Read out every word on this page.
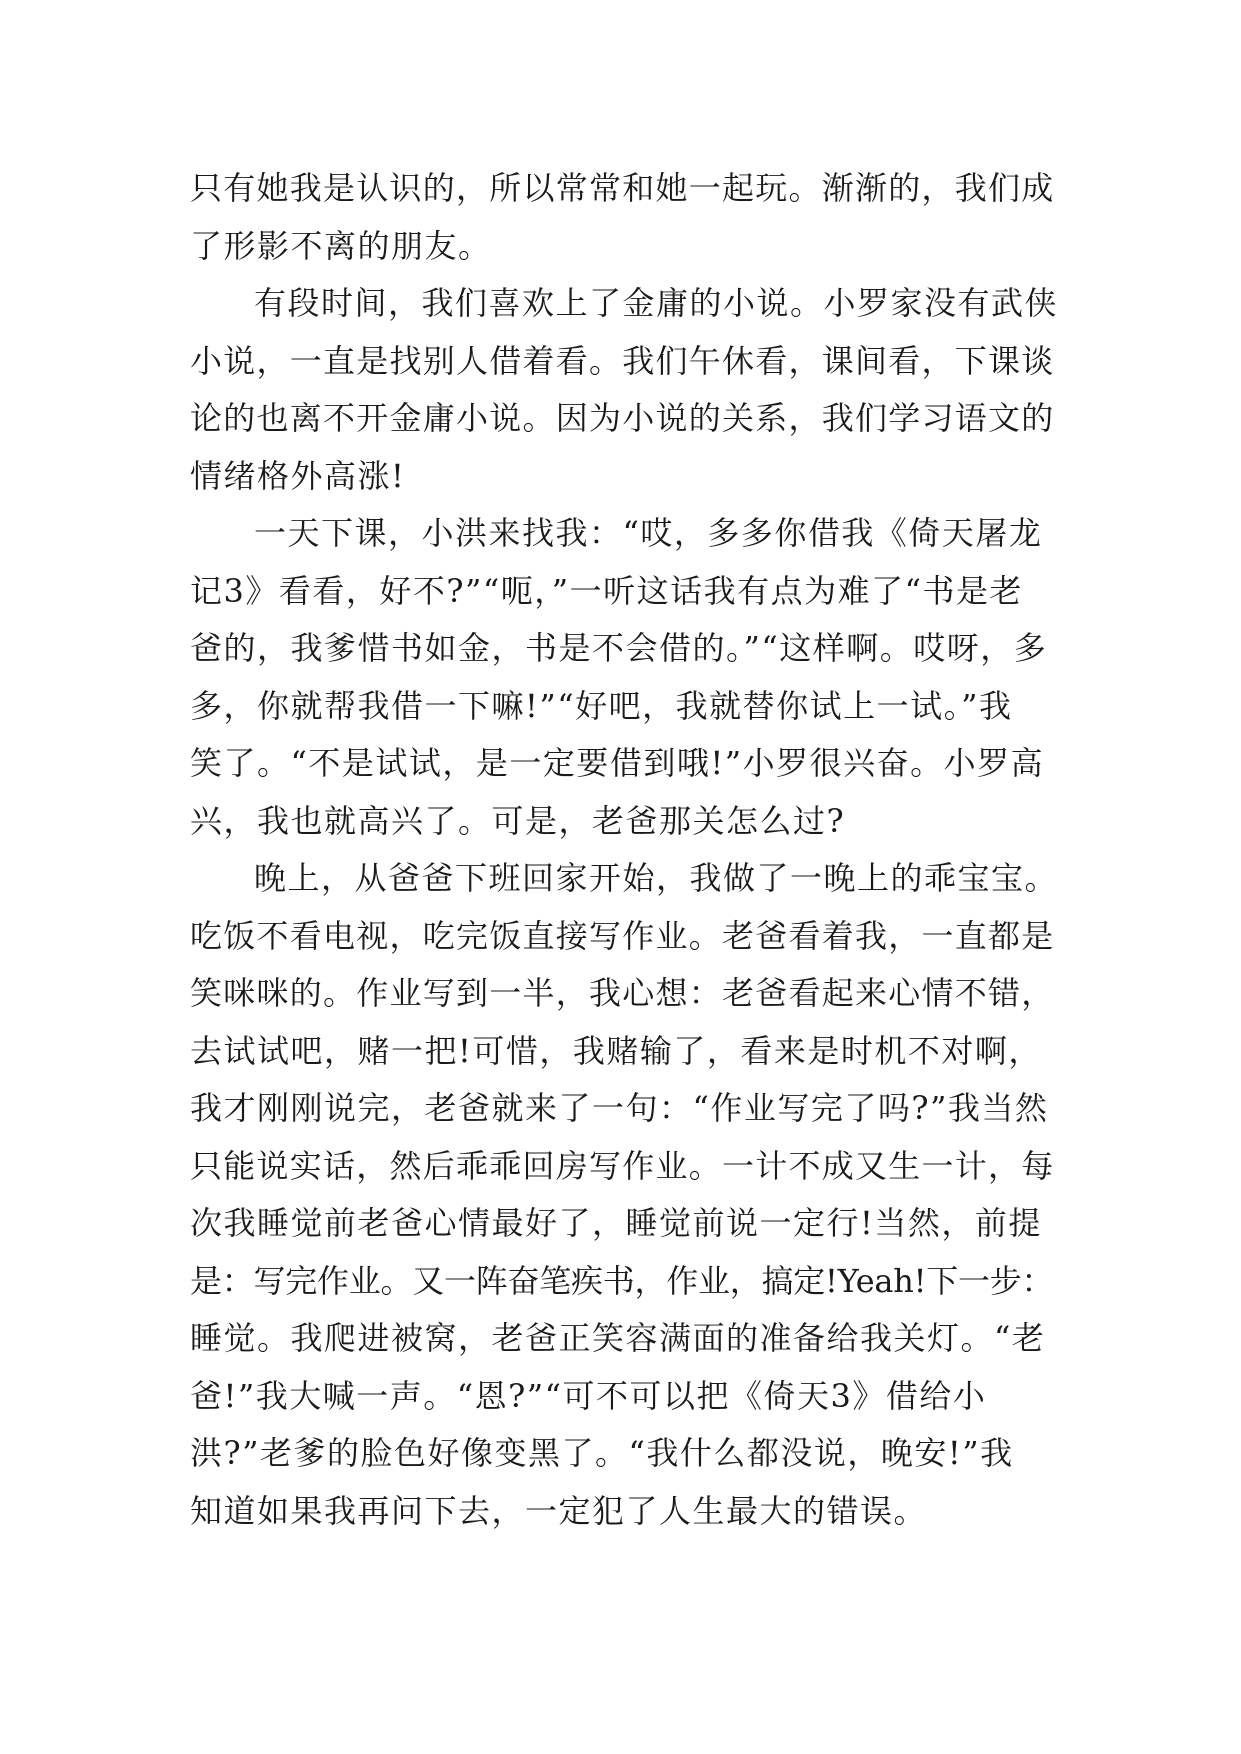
只有她我是认识的，所以常常和她一起玩。渐渐的，我们成
了形影不离的朋友。
有段时间，我们喜欢上了金庸的小说。小罗家没有武侠
小说，一直是找别人借着看。我们午休看，课间看，下课谈
论的也离不开金庸小说。因为小说的关系，我们学习语文的
情绪格外高涨!
一天下课，小洪来找我：“哎，多多你借我《倚天屠龙
记3》看看，好不?”“呃，”一听这话我有点为难了“书是老
爸的，我爹惜书如金，书是不会借的。”“这样啊。哎呀，多
多，你就帮我借一下嘛!”“好吧，我就替你试上一试。”我
笑了。“不是试试，是一定要借到哦!”小罗很兴奋。小罗高
兴，我也就高兴了。可是，老爸那关怎么过?
晚上，从爸爸下班回家开始，我做了一晚上的乖宝宝。
吃饭不看电视，吃完饭直接写作业。老爸看着我，一直都是
笑咪咪的。作业写到一半，我心想：老爸看起来心情不错，
去试试吧，赌一把!可惜，我赌输了，看来是时机不对啊，
我才刚刚说完，老爸就来了一句：“作业写完了吗?”我当然
只能说实话，然后乖乖回房写作业。一计不成又生一计，每
次我睡觉前老爸心情最好了，睡觉前说一定行!当然，前提
是：写完作业。又一阵奋笔疾书，作业，搞定!Yeah!下一步：
睡觉。我爬进被窝，老爸正笑容满面的准备给我关灯。“老
爸!”我大喊一声。“恩?”“可不可以把《倚天3》借给小
洪?”老爹的脸色好像变黑了。“我什么都没说，晚安!”我
知道如果我再问下去，一定犯了人生最大的错误。
